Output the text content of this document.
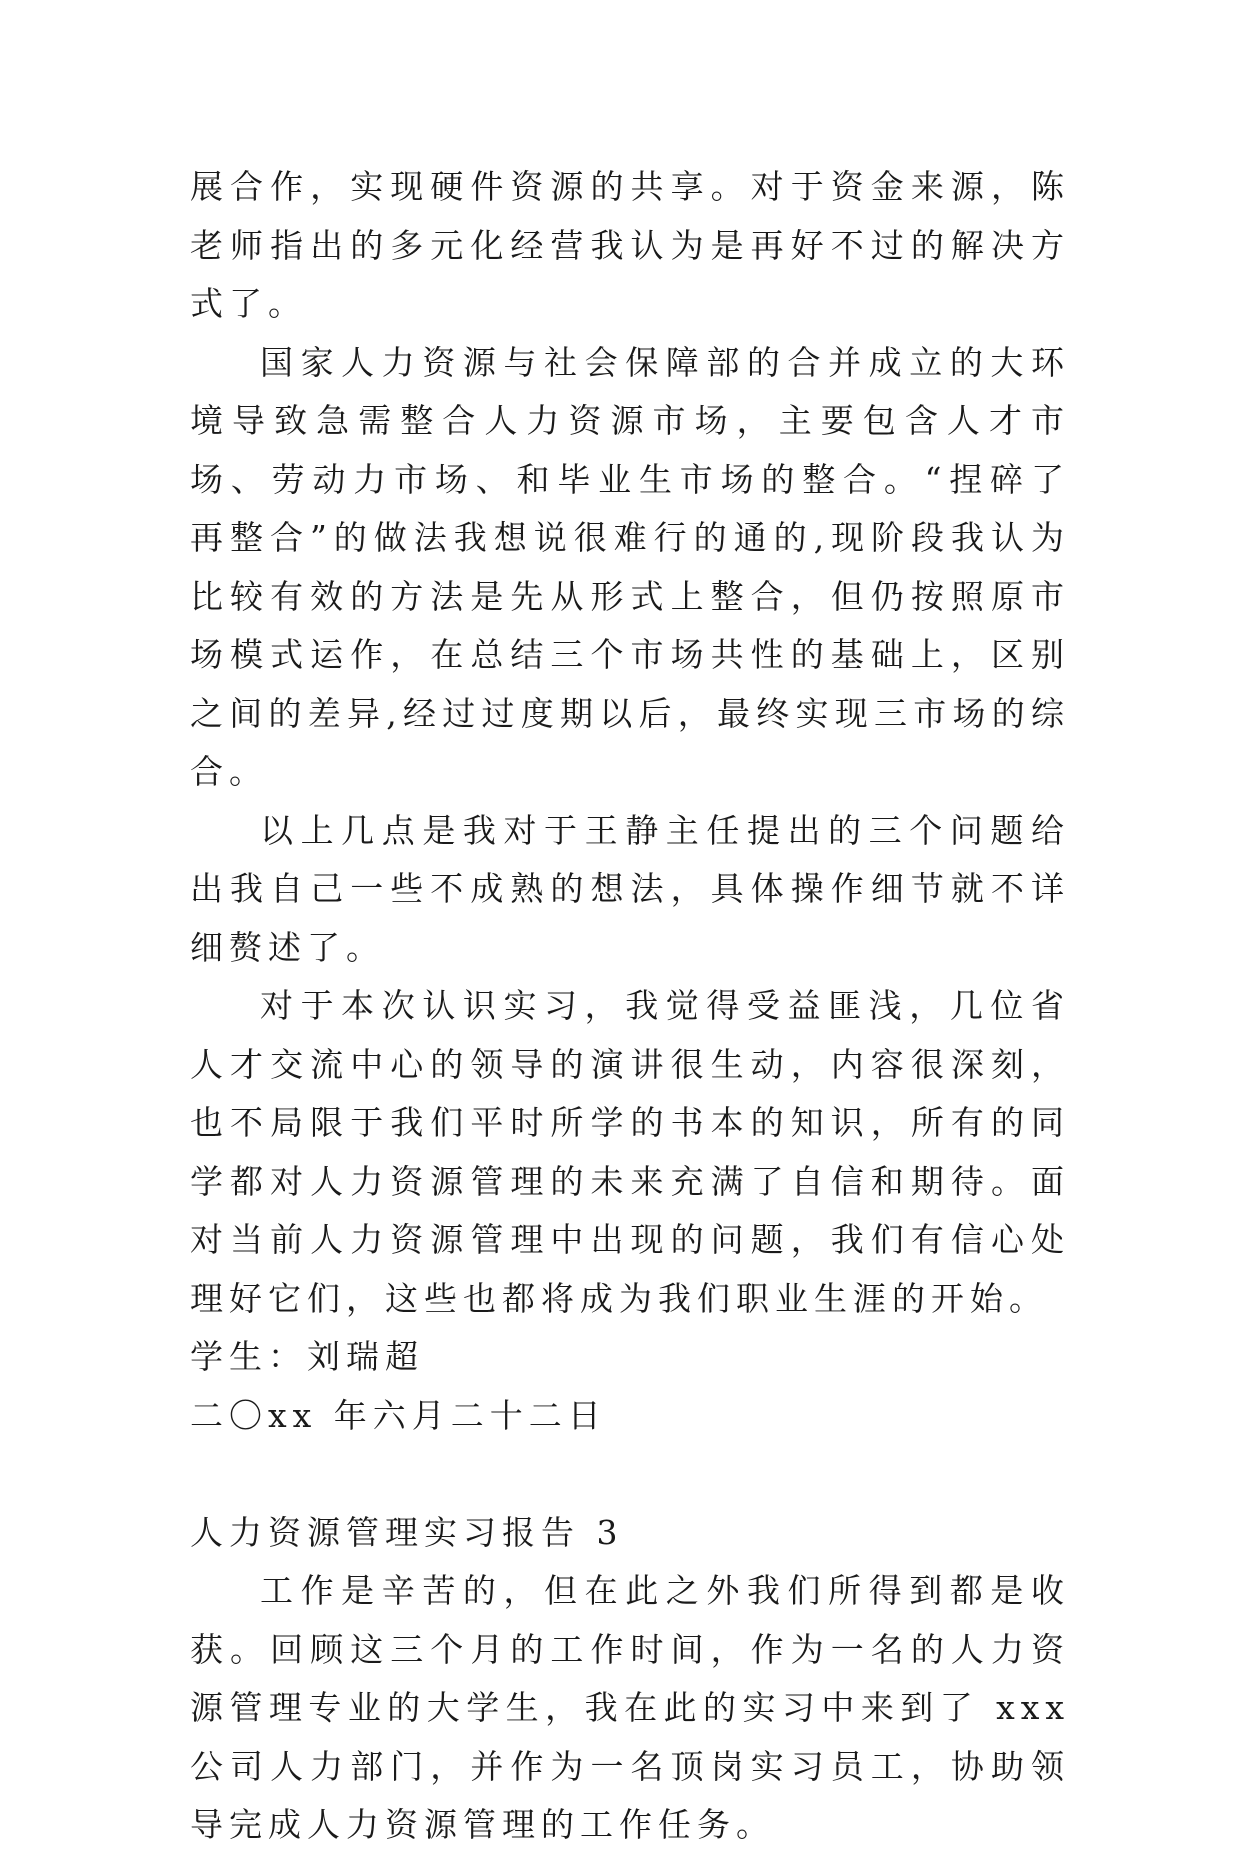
展合作，实现硬件资源的共享。对于资金来源，陈老师指出的多元化经营我认为是再好不过的解决方式了。

国家人力资源与社会保障部的合并成立的大环境导致急需整合人力资源市场，主要包含人才市场、劳动力市场、和毕业生市场的整合。“捏碎了再整合”的做法我想说很难行的通的,现阶段我认为比较有效的方法是先从形式上整合，但仍按照原市场模式运作，在总结三个市场共性的基础上，区别之间的差异,经过过度期以后，最终实现三市场的综合。

以上几点是我对于王静主任提出的三个问题给出我自己一些不成熟的想法，具体操作细节就不详细赘述了。

对于本次认识实习，我觉得受益匪浅，几位省人才交流中心的领导的演讲很生动，内容很深刻，也不局限于我们平时所学的书本的知识，所有的同学都对人力资源管理的未来充满了自信和期待。面对当前人力资源管理中出现的问题，我们有信心处理好它们，这些也都将成为我们职业生涯的开始。

学生：刘瑞超

二〇xx 年六月二十二日

人力资源管理实习报告 3

工作是辛苦的，但在此之外我们所得到都是收获。回顾这三个月的工作时间，作为一名的人力资源管理专业的大学生，我在此的实习中来到了 xxx 公司人力部门，并作为一名顶岗实习员工，协助领导完成人力资源管理的工作任务。
